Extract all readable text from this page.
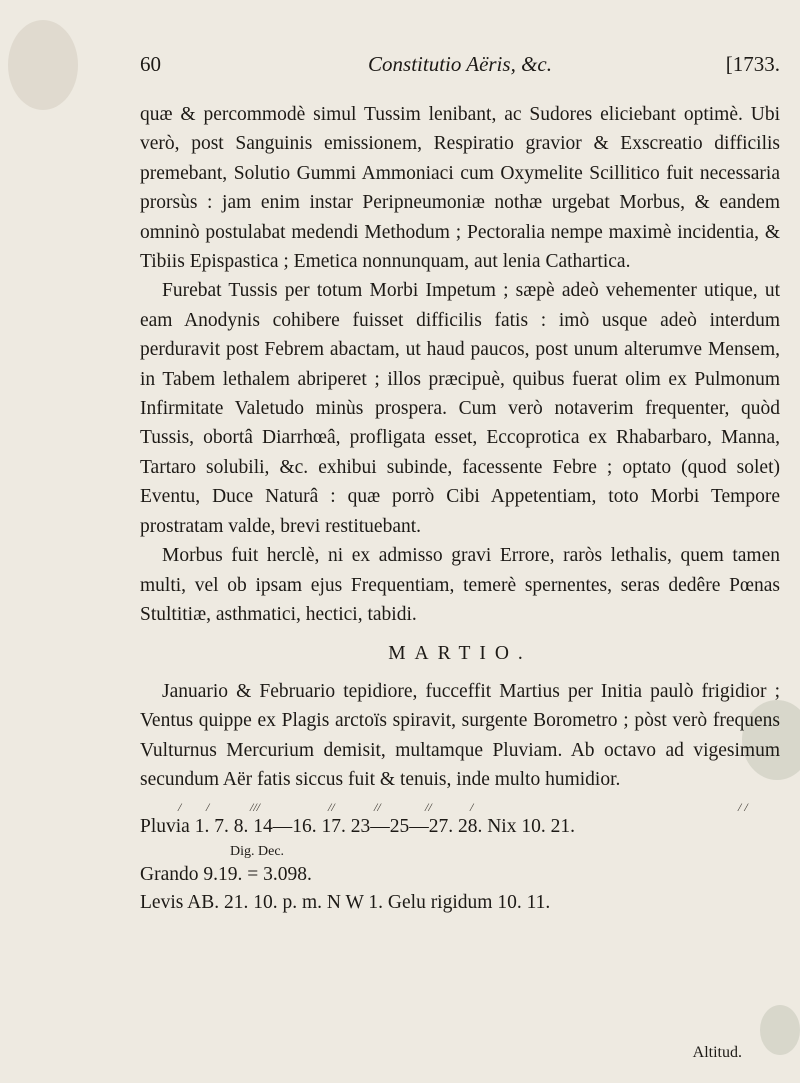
60	Constitutio Aëris, &c.	[1733.

quæ & percommodè simul Tussim lenibant, ac Sudores eliciebant optimè. Ubi verò, post Sanguinis emissionem, Respiratio gravior & Exscreatio difficilis premebant, Solutio Gummi Ammoniaci cum Oxymelite Scillitico fuit necessaria prorsùs : jam enim instar Peripneumoniæ nothæ urgebat Morbus, & eandem omninò postulabat medendi Methodum ; Pectoralia nempe maximè incidentia, & Tibiis Epispastica ; Emetica nonnunquam, aut lenia Cathartica.

Furebat Tussis per totum Morbi Impetum ; sæpè adeò vehementer utique, ut eam Anodynis cohibere fuisset difficilis fatis : imò usque adeò interdum perduravit post Febrem abactam, ut haud paucos, post unum alterumve Mensem, in Tabem lethalem abriperet ; illos præcipuè, quibus fuerat olim ex Pulmonum Infirmitate Valetudo minùs prospera. Cum verò notaverim frequenter, quòd Tussis, obortâ Diarrhœâ, profligata esset, Eccoprotica ex Rhabarbaro, Manna, Tartaro solubili, &c. exhibui subinde, facessente Febre ; optato (quod solet) Eventu, Duce Naturâ : quæ porrò Cibi Appetentiam, toto Morbi Tempore prostratam valde, brevi restituebant.

Morbus fuit herclè, ni ex admisso gravi Errore, raròs lethalis, quem tamen multi, vel ob ipsam ejus Frequentiam, temerè spernentes, seras dedêre Pœnas Stultitiæ, asthmatici, hectici, tabidi.

MARTIO.

Januario & Februario tepidiore, fucceffit Martius per Initia paulò frigidior ; Ventus quippe ex Plagis arctoïs spiravit, surgente Borometro ; pòst verò frequens Vulturnus Mercurium demisit, multamque Pluviam. Ab octavo ad vigesimum secundum Aër fatis siccus fuit & tenuis, inde multo humidior.

/ /	///	//	//	//	/	/ /
Pluvia 1. 7. 8. 14—16. 17. 23—25—27. 28. Nix 10. 21.
Dig. Dec.
Grando 9.19. = 3.098.
Levis AB. 21. 10. p. m. N W 1. Gelu rigidum 10. 11.
Altitud.
